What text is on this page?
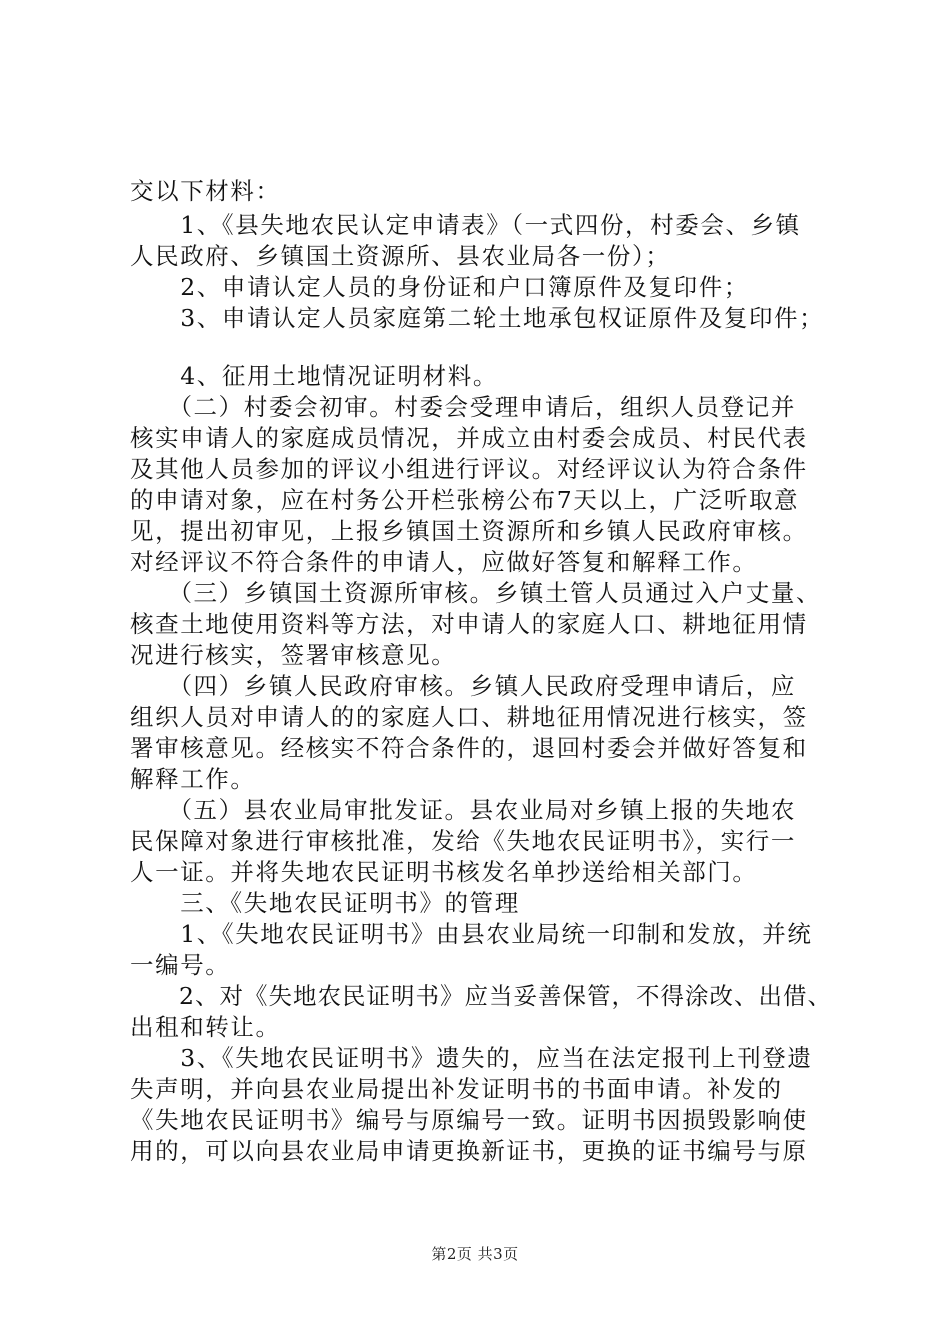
交以下材料：
　　1、《县失地农民认定申请表》（一式四份，村委会、乡镇
人民政府、乡镇国土资源所、县农业局各一份）；
　　2、申请认定人员的身份证和户口簿原件及复印件；
　　3、申请认定人员家庭第二轮土地承包权证原件及复印件；
　　4、征用土地情况证明材料。
　　（二）村委会初审。村委会受理申请后，组织人员登记并
核实申请人的家庭成员情况，并成立由村委会成员、村民代表
及其他人员参加的评议小组进行评议。对经评议认为符合条件
的申请对象，应在村务公开栏张榜公布7天以上，广泛听取意
见，提出初审见，上报乡镇国土资源所和乡镇人民政府审核。
对经评议不符合条件的申请人，应做好答复和解释工作。
　　（三）乡镇国土资源所审核。乡镇土管人员通过入户丈量、
核查土地使用资料等方法，对申请人的家庭人口、耕地征用情
况进行核实，签署审核意见。
　　（四）乡镇人民政府审核。乡镇人民政府受理申请后，应
组织人员对申请人的的家庭人口、耕地征用情况进行核实，签
署审核意见。经核实不符合条件的，退回村委会并做好答复和
解释工作。
　　（五）县农业局审批发证。县农业局对乡镇上报的失地农
民保障对象进行审核批准，发给《失地农民证明书》，实行一
人一证。并将失地农民证明书核发名单抄送给相关部门。
　　三、《失地农民证明书》的管理
　　1、《失地农民证明书》由县农业局统一印制和发放，并统
一编号。
　　2、对《失地农民证明书》应当妥善保管，不得涂改、出借、
出租和转让。
　　3、《失地农民证明书》遗失的，应当在法定报刊上刊登遗
失声明，并向县农业局提出补发证明书的书面申请。补发的
《失地农民证明书》编号与原编号一致。证明书因损毁影响使
用的，可以向县农业局申请更换新证书，更换的证书编号与原
第2页 共3页
